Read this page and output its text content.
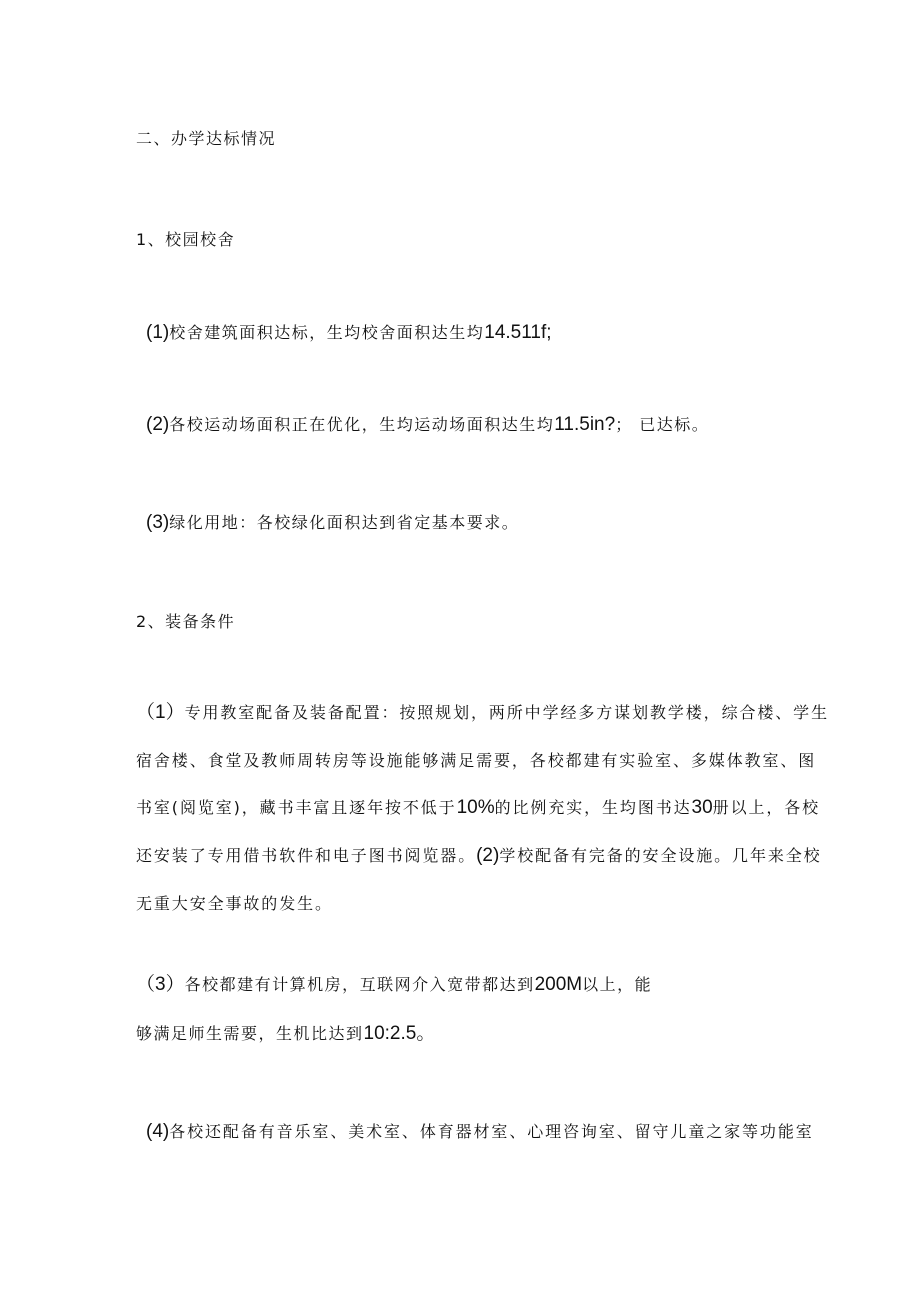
二、办学达标情况
1、校园校舍
(1)校舍建筑面积达标，生均校舍面积达生均14.511f;
(2)各校运动场面积正在优化，生均运动场面积达生均11.5in?； 已达标。
(3)绿化用地：各校绿化面积达到省定基本要求。
2、装备条件
（1）专用教室配备及装备配置：按照规划，两所中学经多方谋划教学楼，综合楼、学生
宿舍楼、食堂及教师周转房等设施能够满足需要，各校都建有实验室、多媒体教室、图
书室(阅览室)，藏书丰富且逐年按不低于10%的比例充实，生均图书达30册以上，各校
还安装了专用借书软件和电子图书阅览器。(2)学校配备有完备的安全设施。几年来全校
无重大安全事故的发生。
（3）各校都建有计算机房，互联网介入宽带都达到200M以上，能
够满足师生需要，生机比达到10:2.5。
(4)各校还配备有音乐室、美术室、体育器材室、心理咨询室、留守儿童之家等功能室
